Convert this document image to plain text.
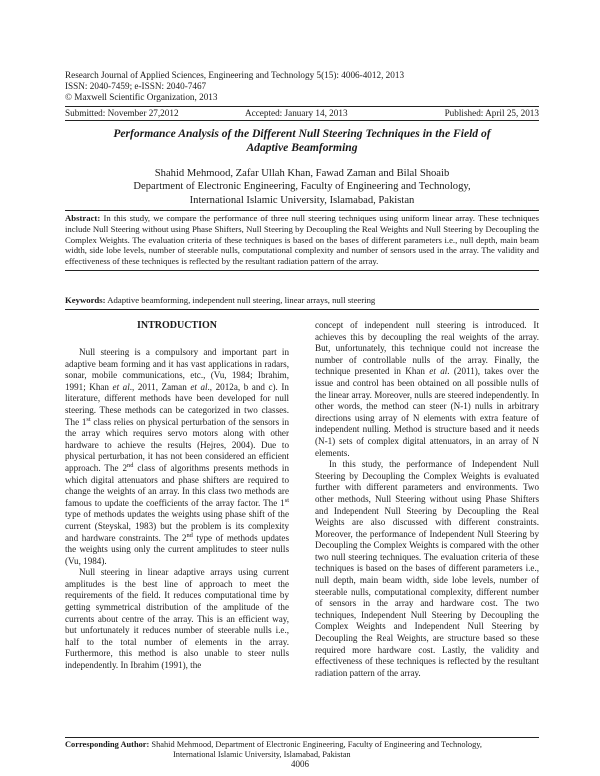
Research Journal of Applied Sciences, Engineering and Technology 5(15): 4006-4012, 2013
ISSN: 2040-7459; e-ISSN: 2040-7467
© Maxwell Scientific Organization, 2013
Submitted: November 27,2012	Accepted: January 14, 2013	Published: April 25, 2013
Performance Analysis of the Different Null Steering Techniques in the Field of
Adaptive Beamforming
Shahid Mehmood, Zafar Ullah Khan, Fawad Zaman and Bilal Shoaib
Department of Electronic Engineering, Faculty of Engineering and Technology,
International Islamic University, Islamabad, Pakistan
Abstract: In this study, we compare the performance of three null steering techniques using uniform linear array. These techniques include Null Steering without using Phase Shifters, Null Steering by Decoupling the Real Weights and Null Steering by Decoupling the Complex Weights. The evaluation criteria of these techniques is based on the bases of different parameters i.e., null depth, main beam width, side lobe levels, number of steerable nulls, computational complexity and number of sensors used in the array. The validity and effectiveness of these techniques is reflected by the resultant radiation pattern of the array.
Keywords: Adaptive beamforming, independent null steering, linear arrays, null steering
INTRODUCTION

Null steering is a compulsory and important part in adaptive beam forming and it has vast applications in radars, sonar, mobile communications, etc., (Vu, 1984; Ibrahim, 1991; Khan et al., 2011, Zaman et al., 2012a, b and c). In literature, different methods have been developed for null steering. These methods can be categorized in two classes. The 1st class relies on physical perturbation of the sensors in the array which requires servo motors along with other hardware to achieve the results (Hejres, 2004). Due to physical perturbation, it has not been considered an efficient approach. The 2nd class of algorithms presents methods in which digital attenuators and phase shifters are required to change the weights of an array. In this class two methods are famous to update the coefficients of the array factor. The 1st type of methods updates the weights using phase shift of the current (Steyskal, 1983) but the problem is its complexity and hardware constraints. The 2nd type of methods updates the weights using only the current amplitudes to steer nulls (Vu, 1984).

Null steering in linear adaptive arrays using current amplitudes is the best line of approach to meet the requirements of the field. It reduces computational time by getting symmetrical distribution of the amplitude of the currents about centre of the array. This is an efficient way, but unfortunately it reduces number of steerable nulls i.e., half to the total number of elements in the array. Furthermore, this method is also unable to steer nulls independently. In Ibrahim (1991), the

concept of independent null steering is introduced. It achieves this by decoupling the real weights of the array. But, unfortunately, this technique could not increase the number of controllable nulls of the array. Finally, the technique presented in Khan et al. (2011), takes over the issue and control has been obtained on all possible nulls of the linear array. Moreover, nulls are steered independently. In other words, the method can steer (N-1) nulls in arbitrary directions using array of N elements with extra feature of independent nulling. Method is structure based and it needs (N-1) sets of complex digital attenuators, in an array of N elements.

In this study, the performance of Independent Null Steering by Decoupling the Complex Weights is evaluated further with different parameters and environments. Two other methods, Null Steering without using Phase Shifters and Independent Null Steering by Decoupling the Real Weights are also discussed with different constraints. Moreover, the performance of Independent Null Steering by Decoupling the Complex Weights is compared with the other two null steering techniques. The evaluation criteria of these techniques is based on the bases of different parameters i.e., null depth, main beam width, side lobe levels, number of steerable nulls, computational complexity, different number of sensors in the array and hardware cost. The two techniques, Independent Null Steering by Decoupling the Complex Weights and Independent Null Steering by Decoupling the Real Weights, are structure based so these required more hardware cost. Lastly, the validity and effectiveness of these techniques is reflected by the resultant radiation pattern of the array.

Corresponding Author: Shahid Mehmood, Department of Electronic Engineering, Faculty of Engineering and Technology,
International Islamic University, Islamabad, Pakistan
4006
